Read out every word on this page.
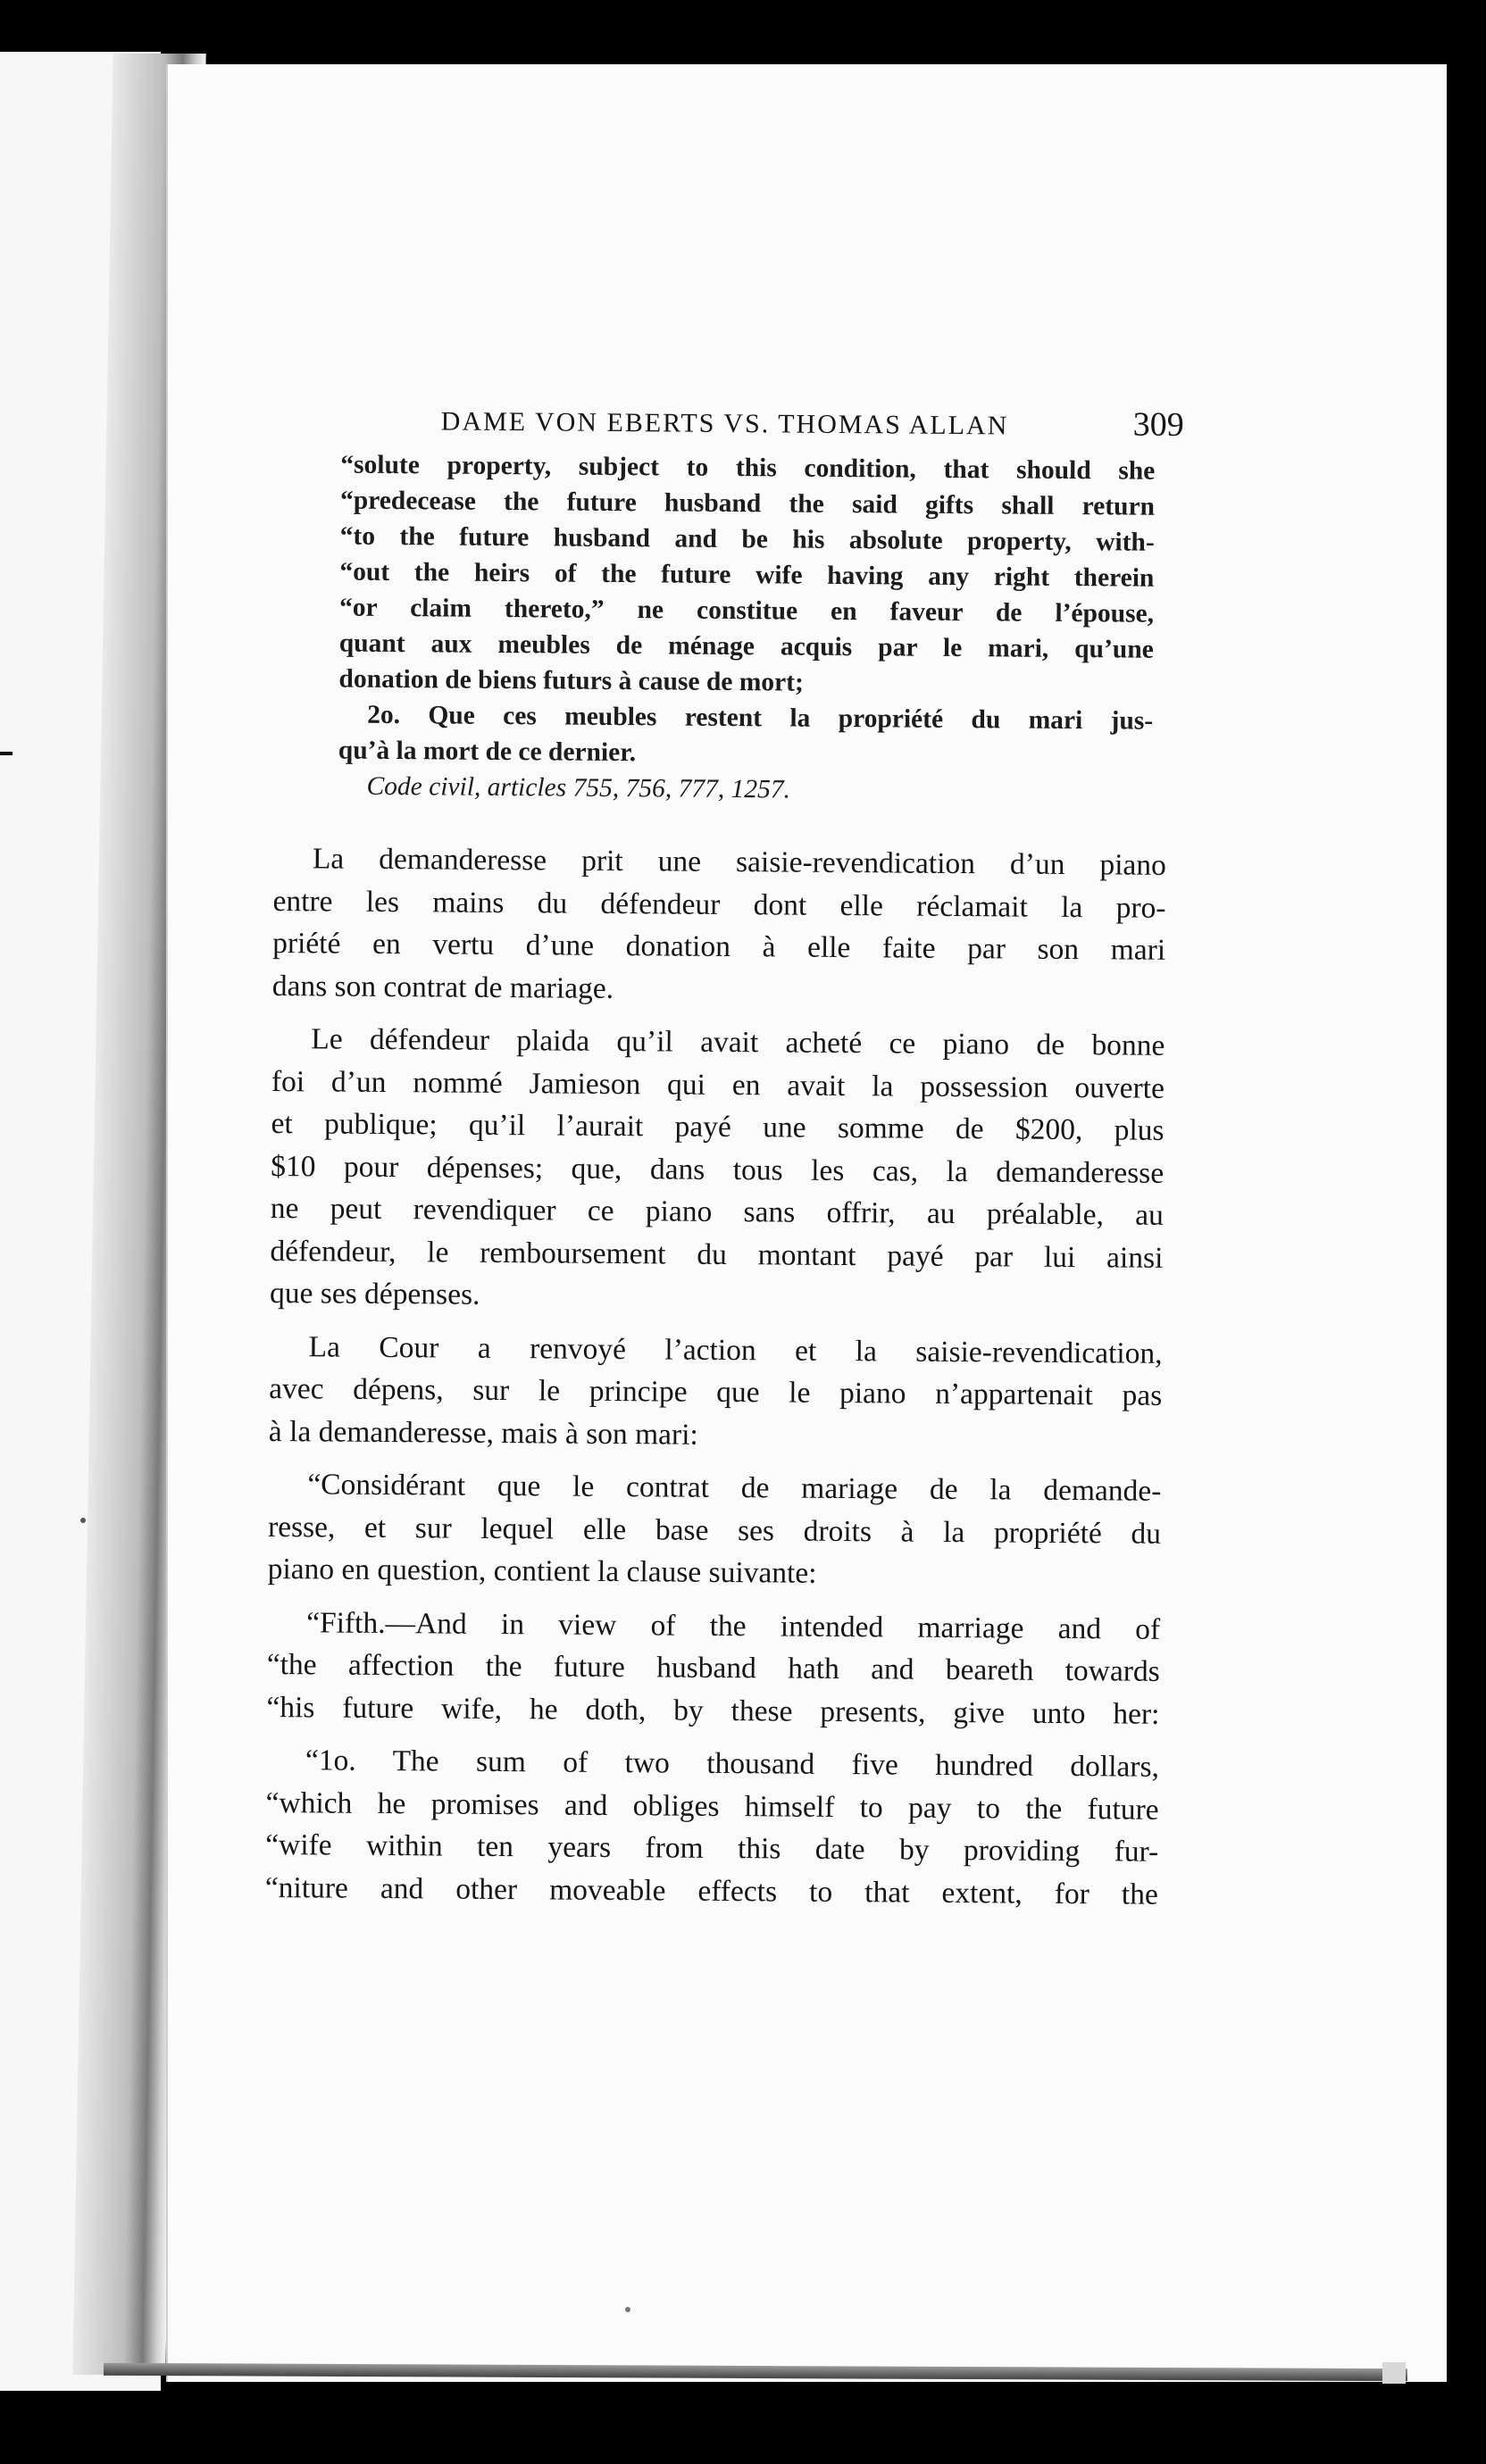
DAME VON EBERTS VS. THOMAS ALLAN	309
“solute property, subject to this condition, that should she
“predecease the future husband the said gifts shall return
“to the future husband and be his absolute property, with-
“out the heirs of the future wife having any right therein
“or claim thereto,” ne constitue en faveur de l’épouse,
quant aux meubles de ménage acquis par le mari, qu’une
donation de biens futurs à cause de mort;
2o. Que ces meubles restent la propriété du mari jus-
qu’à la mort de ce dernier.
Code civil, articles 755, 756, 777, 1257.
La demanderesse prit une saisie-revendication d’un piano
entre les mains du défendeur dont elle réclamait la pro-
priété en vertu d’une donation à elle faite par son mari
dans son contrat de mariage.
Le défendeur plaida qu’il avait acheté ce piano de bonne
foi d’un nommé Jamieson qui en avait la possession ouverte
et publique; qu’il l’aurait payé une somme de $200, plus
$10 pour dépenses; que, dans tous les cas, la demanderesse
ne peut revendiquer ce piano sans offrir, au préalable, au
défendeur, le remboursement du montant payé par lui ainsi
que ses dépenses.
La Cour a renvoyé l’action et la saisie-revendication,
avec dépens, sur le principe que le piano n’appartenait pas
à la demanderesse, mais à son mari:
“Considérant que le contrat de mariage de la demande-
resse, et sur lequel elle base ses droits à la propriété du
piano en question, contient la clause suivante:
“Fifth.—And in view of the intended marriage and of
“the affection the future husband hath and beareth towards
“his future wife, he doth, by these presents, give unto her:
“1o. The sum of two thousand five hundred dollars,
“which he promises and obliges himself to pay to the future
“wife within ten years from this date by providing fur-
“niture and other moveable effects to that extent, for the
